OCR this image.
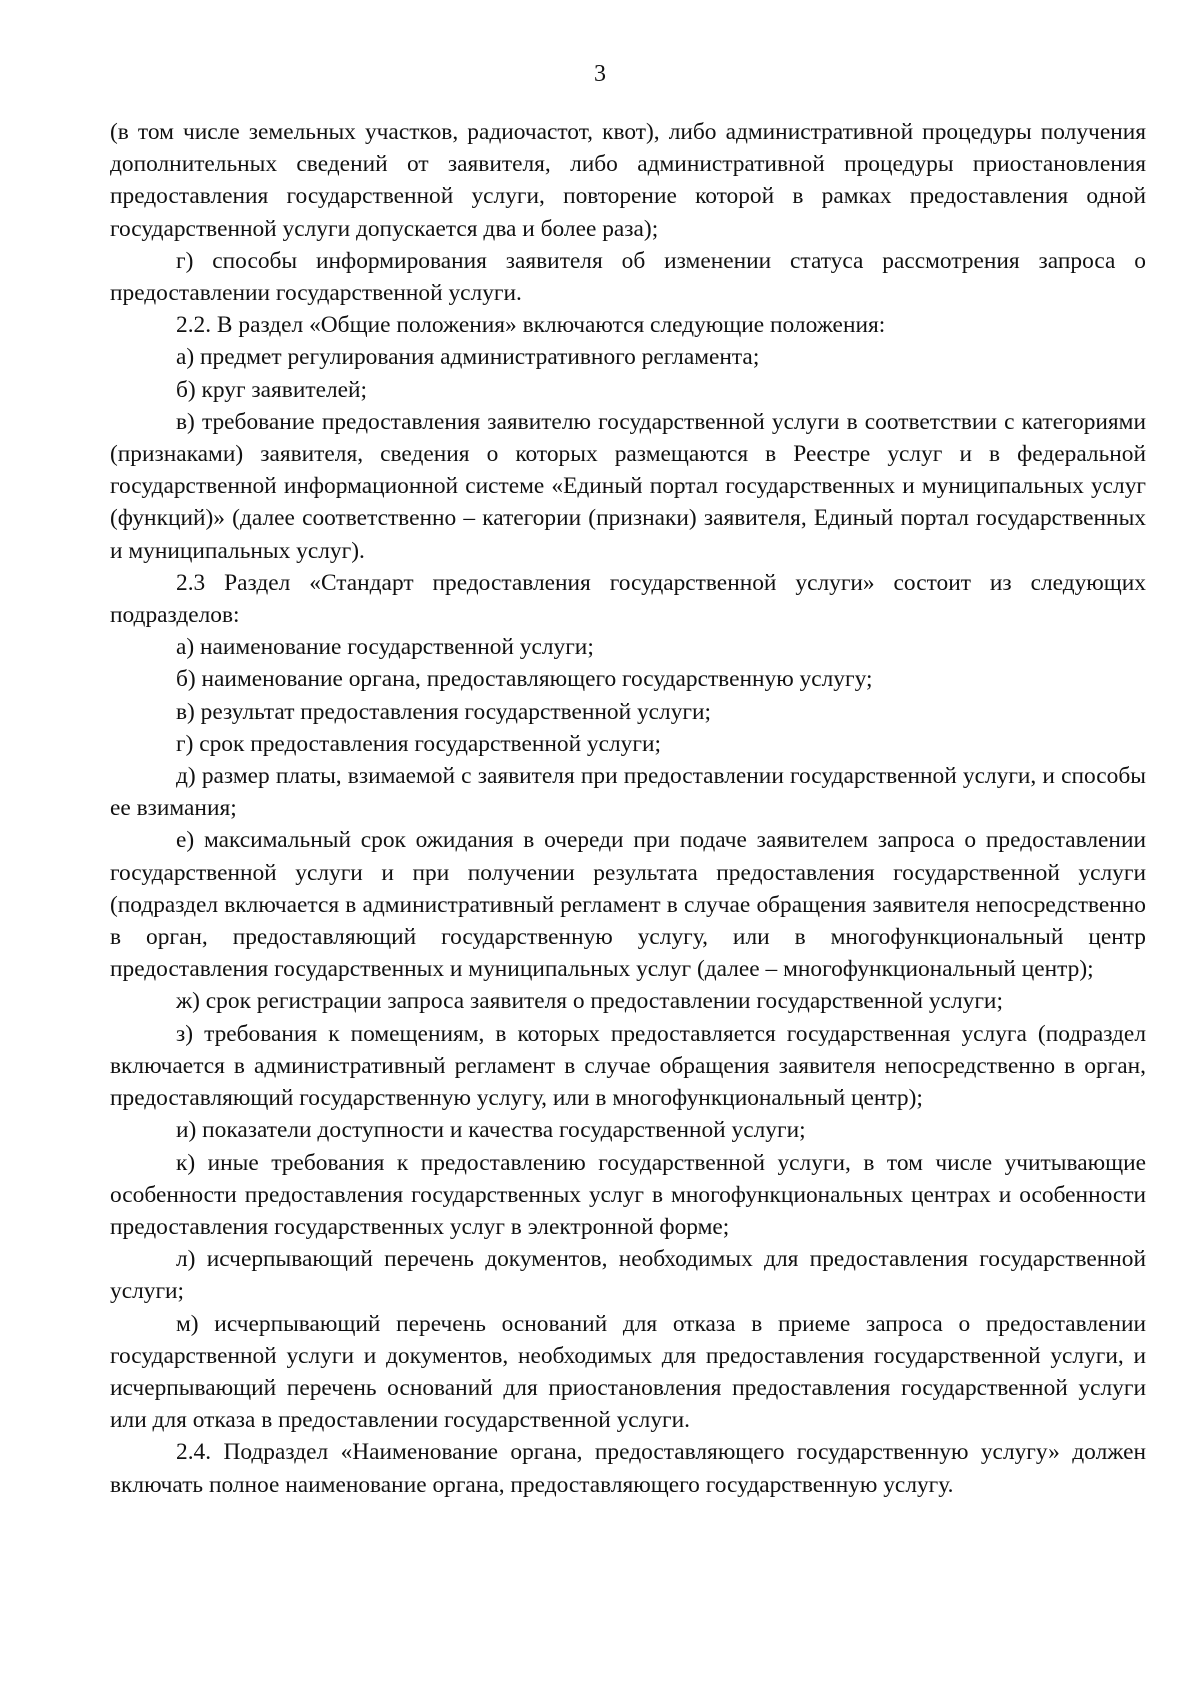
3

(в том числе земельных участков, радиочастот, квот), либо административной процедуры получения дополнительных сведений от заявителя, либо административной процедуры приостановления предоставления государственной услуги, повторение которой в рамках предоставления одной государственной услуги допускается два и более раза);

г) способы информирования заявителя об изменении статуса рассмотрения запроса о предоставлении государственной услуги.

2.2. В раздел «Общие положения» включаются следующие положения:

а) предмет регулирования административного регламента;

б) круг заявителей;

в) требование предоставления заявителю государственной услуги в соответствии с категориями (признаками) заявителя, сведения о которых размещаются в Реестре услуг и в федеральной государственной информационной системе «Единый портал государственных и муниципальных услуг (функций)» (далее соответственно – категории (признаки) заявителя, Единый портал государственных и муниципальных услуг).

2.3 Раздел «Стандарт предоставления государственной услуги» состоит из следующих подразделов:

а) наименование государственной услуги;

б) наименование органа, предоставляющего государственную услугу;

в) результат предоставления государственной услуги;

г) срок предоставления государственной услуги;

д) размер платы, взимаемой с заявителя при предоставлении государственной услуги, и способы ее взимания;

е) максимальный срок ожидания в очереди при подаче заявителем запроса о предоставлении государственной услуги и при получении результата предоставления государственной услуги (подраздел включается в административный регламент в случае обращения заявителя непосредственно в орган, предоставляющий государственную услугу, или в многофункциональный центр предоставления государственных и муниципальных услуг (далее – многофункциональный центр);

ж) срок регистрации запроса заявителя о предоставлении государственной услуги;

з) требования к помещениям, в которых предоставляется государственная услуга (подраздел включается в административный регламент в случае обращения заявителя непосредственно в орган, предоставляющий государственную услугу, или в многофункциональный центр);

и) показатели доступности и качества государственной услуги;

к) иные требования к предоставлению государственной услуги, в том числе учитывающие особенности предоставления государственных услуг в многофункциональных центрах и особенности предоставления государственных услуг в электронной форме;

л) исчерпывающий перечень документов, необходимых для предоставления государственной услуги;

м) исчерпывающий перечень оснований для отказа в приеме запроса о предоставлении государственной услуги и документов, необходимых для предоставления государственной услуги, и исчерпывающий перечень оснований для приостановления предоставления государственной услуги или для отказа в предоставлении государственной услуги.

2.4. Подраздел «Наименование органа, предоставляющего государственную услугу» должен включать полное наименование органа, предоставляющего государственную услугу.
